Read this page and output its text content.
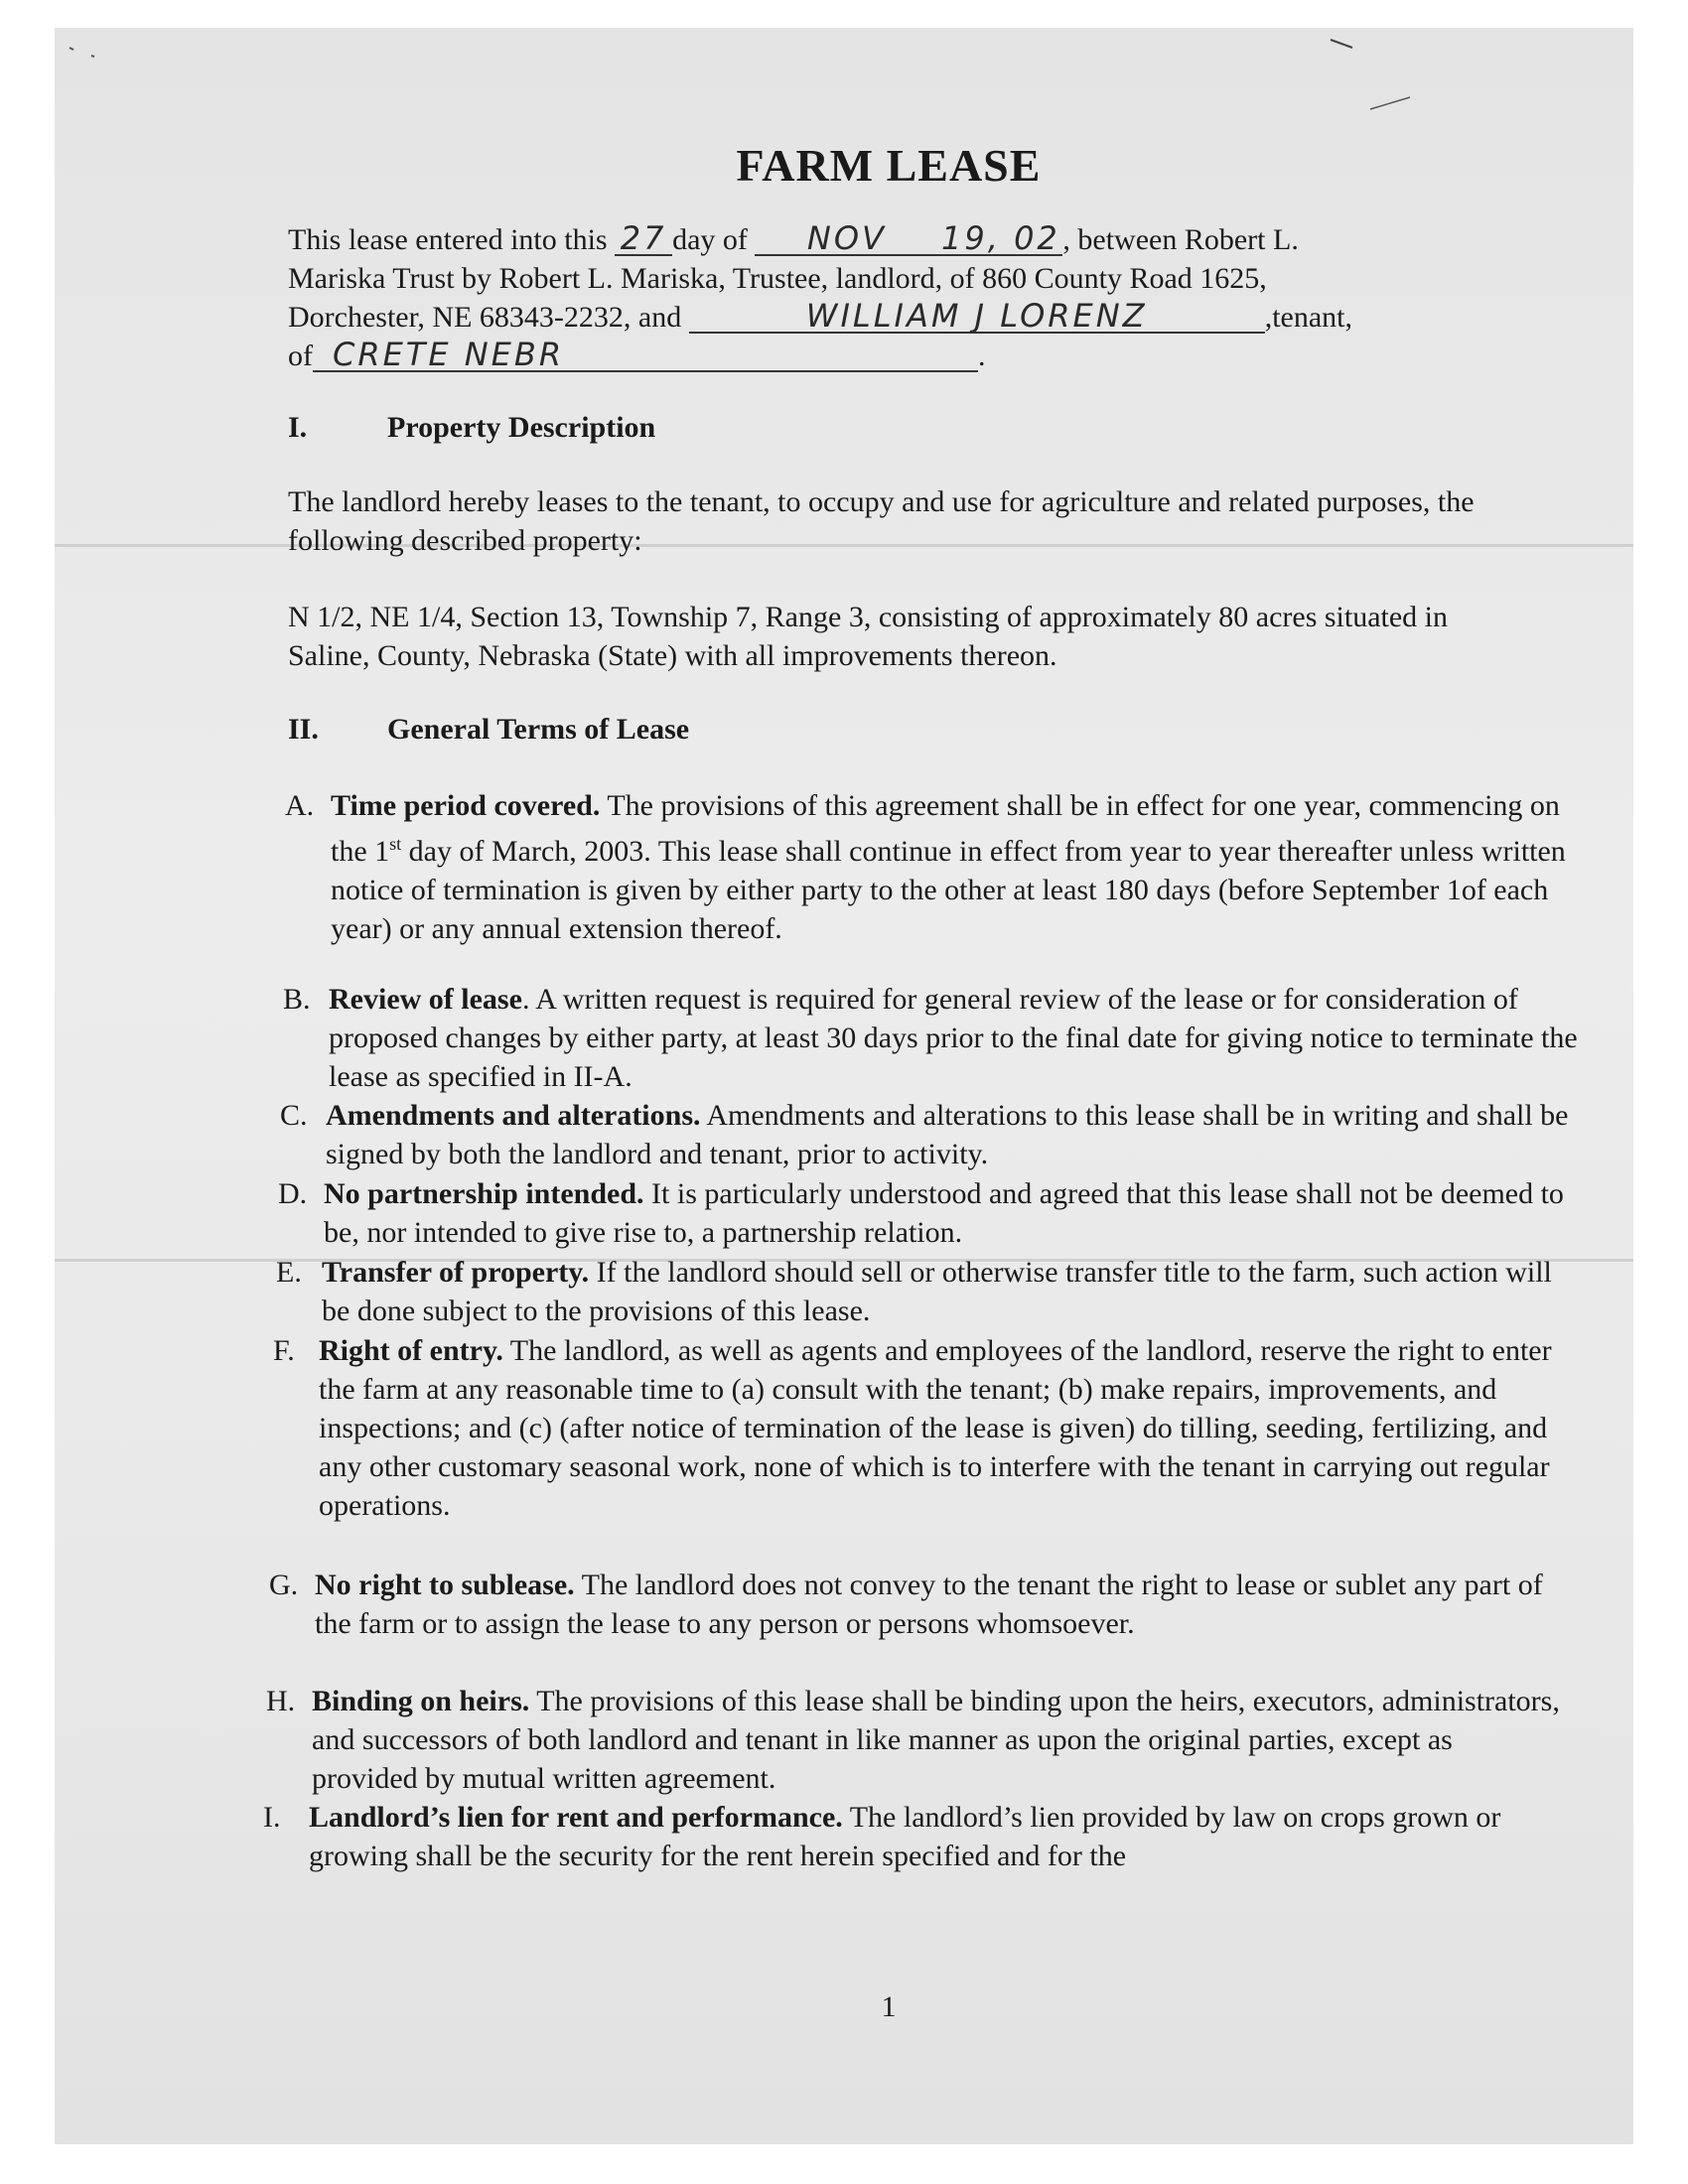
FARM LEASE
This lease entered into this 27 day of NOV 19, 02, between Robert L.
Mariska Trust by Robert L. Mariska, Trustee, landlord, of 860 County Road 1625,
Dorchester, NE 68343-2232, and	WILLIAM J LORENZ	,tenant,
of CRETE NEBR	.
I.	Property Description
The landlord hereby leases to the tenant, to occupy and use for agriculture and related purposes, the following described property:
N 1/2, NE 1/4, Section 13, Township 7, Range 3, consisting of approximately 80 acres situated in Saline, County, Nebraska (State) with all improvements thereon.
II. General Terms of Lease
A. Time period covered. The provisions of this agreement shall be in effect for one year, commencing on the 1st day of March, 2003. This lease shall continue in effect from year to year thereafter unless written notice of termination is given by either party to the other at least 180 days (before September 1of each year) or any annual extension thereof.
B. Review of lease. A written request is required for general review of the lease or for consideration of proposed changes by either party, at least 30 days prior to the final date for giving notice to terminate the lease as specified in II-A.
C. Amendments and alterations. Amendments and alterations to this lease shall be in writing and shall be signed by both the landlord and tenant, prior to activity.
D. No partnership intended. It is particularly understood and agreed that this lease shall not be deemed to be, nor intended to give rise to, a partnership relation.
E. Transfer of property. If the landlord should sell or otherwise transfer title to the farm, such action will be done subject to the provisions of this lease.
F. Right of entry. The landlord, as well as agents and employees of the landlord, reserve the right to enter the farm at any reasonable time to (a) consult with the tenant; (b) make repairs, improvements, and inspections; and (c) (after notice of termination of the lease is given) do tilling, seeding, fertilizing, and any other customary seasonal work, none of which is to interfere with the tenant in carrying out regular operations.
G. No right to sublease. The landlord does not convey to the tenant the right to lease or sublet any part of the farm or to assign the lease to any person or persons whomsoever.
H. Binding on heirs. The provisions of this lease shall be binding upon the heirs, executors, administrators, and successors of both landlord and tenant in like manner as upon the original parties, except as provided by mutual written agreement.
I. Landlord’s lien for rent and performance. The landlord’s lien provided by law on crops grown or growing shall be the security for the rent herein specified and for the
1
